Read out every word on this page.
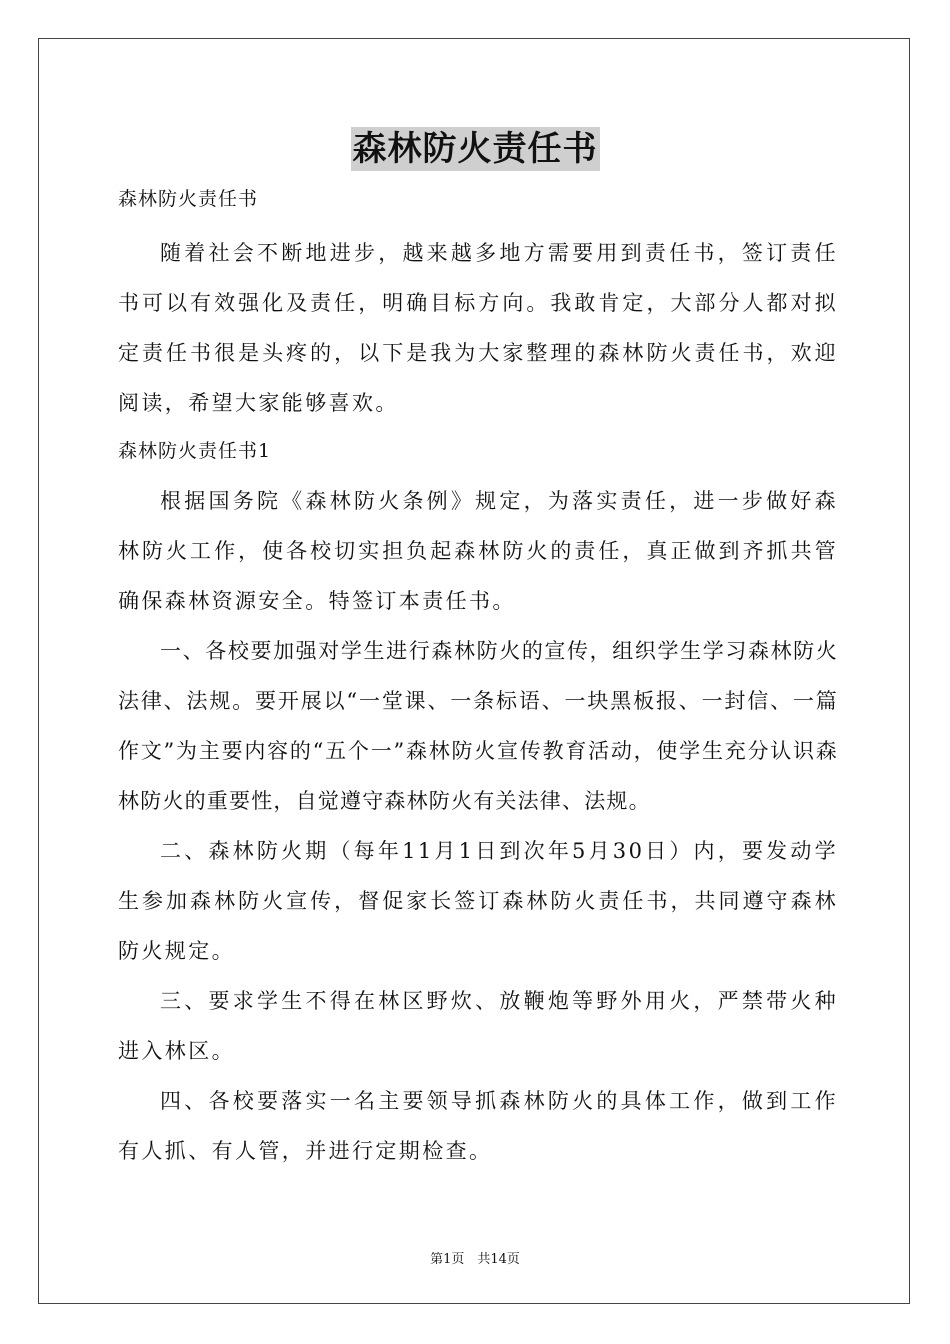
森林防火责任书
森林防火责任书

随着社会不断地进步，越来越多地方需要用到责任书，签订责任书可以有效强化及责任，明确目标方向。我敢肯定，大部分人都对拟定责任书很是头疼的，以下是我为大家整理的森林防火责任书，欢迎阅读，希望大家能够喜欢。

森林防火责任书1

根据国务院《森林防火条例》规定，为落实责任，进一步做好森林防火工作，使各校切实担负起森林防火的责任，真正做到齐抓共管确保森林资源安全。特签订本责任书。

一、各校要加强对学生进行森林防火的宣传，组织学生学习森林防火法律、法规。要开展以“一堂课、一条标语、一块黑板报、一封信、一篇作文”为主要内容的“五个一”森林防火宣传教育活动，使学生充分认识森林防火的重要性，自觉遵守森林防火有关法律、法规。

二、森林防火期（每年11月1日到次年5月30日）内，要发动学生参加森林防火宣传，督促家长签订森林防火责任书，共同遵守森林防火规定。

三、要求学生不得在林区野炊、放鞭炮等野外用火，严禁带火种进入林区。

四、各校要落实一名主要领导抓森林防火的具体工作，做到工作有人抓、有人管，并进行定期检查。

第1页　共14页
